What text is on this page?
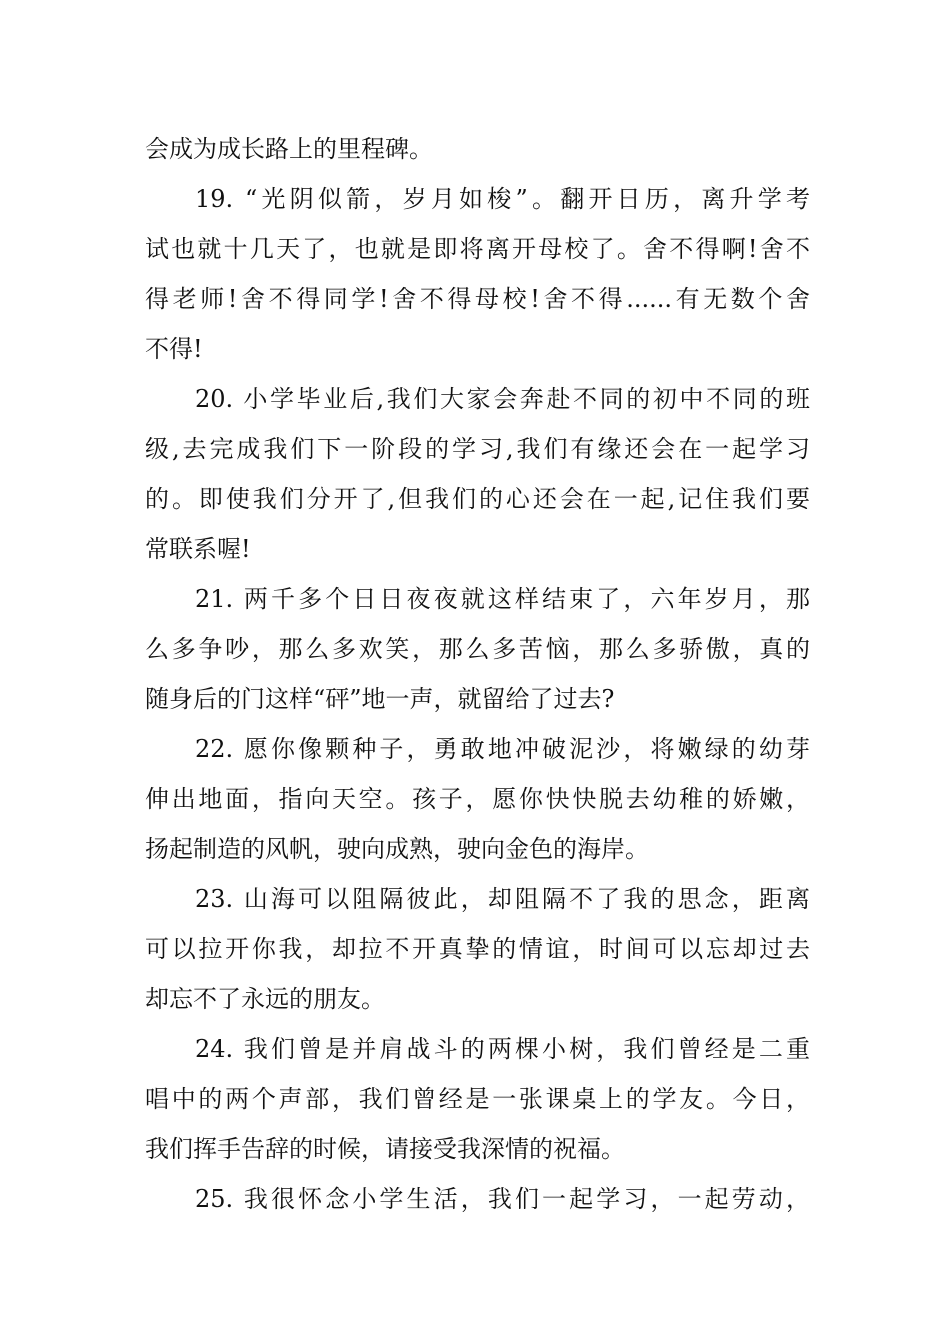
会成为成长路上的里程碑。
19. “光阴似箭，岁月如梭”。翻开日历，离升学考
试也就十几天了，也就是即将离开母校了。舍不得啊!舍不
得老师!舍不得同学!舍不得母校!舍不得......有无数个舍
不得!
20. 小学毕业后,我们大家会奔赴不同的初中不同的班
级,去完成我们下一阶段的学习,我们有缘还会在一起学习
的。即使我们分开了,但我们的心还会在一起,记住我们要
常联系喔!
21. 两千多个日日夜夜就这样结束了，六年岁月，那
么多争吵，那么多欢笑，那么多苦恼，那么多骄傲，真的
随身后的门这样“砰”地一声，就留给了过去?
22. 愿你像颗种子，勇敢地冲破泥沙，将嫩绿的幼芽
伸出地面，指向天空。孩子，愿你快快脱去幼稚的娇嫩，
扬起制造的风帆，驶向成熟，驶向金色的海岸。
23. 山海可以阻隔彼此，却阻隔不了我的思念，距离
可以拉开你我，却拉不开真挚的情谊，时间可以忘却过去
却忘不了永远的朋友。
24. 我们曾是并肩战斗的两棵小树，我们曾经是二重
唱中的两个声部，我们曾经是一张课桌上的学友。今日，
我们挥手告辞的时候，请接受我深情的祝福。
25. 我很怀念小学生活，我们一起学习，一起劳动，
